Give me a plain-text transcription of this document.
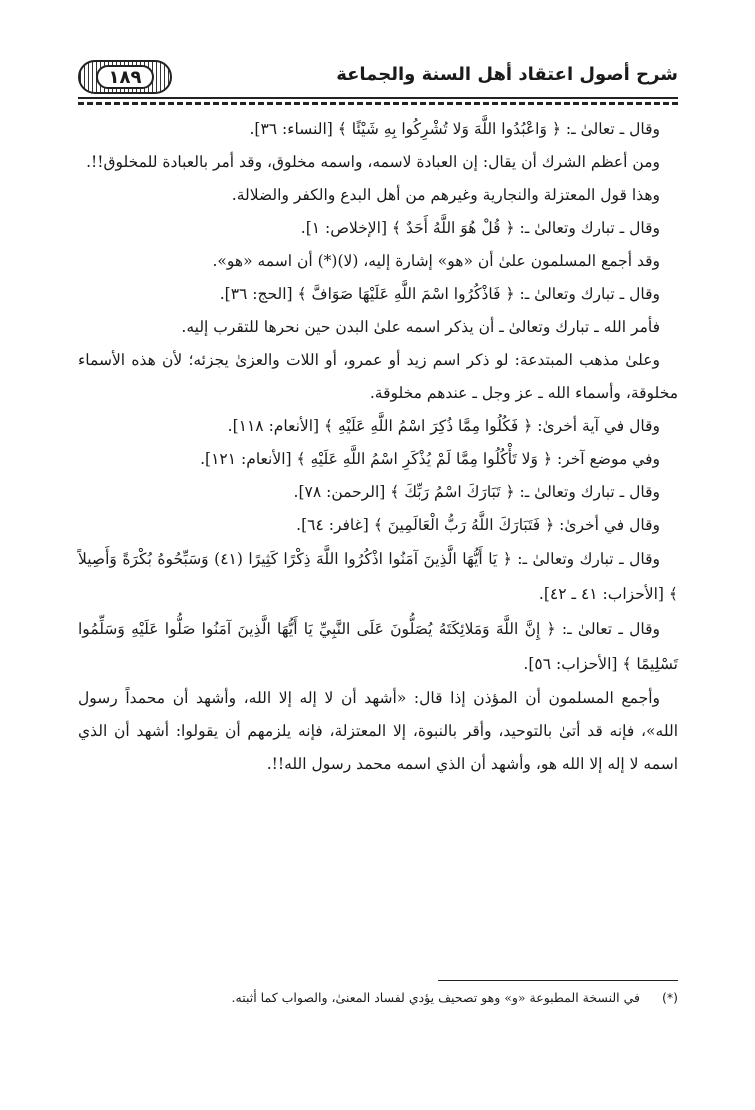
١٨٩	شرح أصول اعتقاد أهل السنة والجماعة

وقال ـ تعالىٰ ـ: ﴿ وَاعْبُدُوا اللَّهَ وَلا تُشْرِكُوا بِهِ شَيْئًا ﴾ [النساء: ٣٦].

ومن أعظم الشرك أن يقال: إن العبادة لاسمه، واسمه مخلوق، وقد أمر بالعبادة للمخلوق!!.

وهذا قول المعتزلة والنجارية وغيرهم من أهل البدع والكفر والضلالة.

وقال ـ تبارك وتعالىٰ ـ: ﴿ قُلْ هُوَ اللَّهُ أَحَدٌ ﴾ [الإخلاص: ١].

وقد أجمع المسلمون علىٰ أن «هو» إشارة إليه، (لا)(*) أن اسمه «هو».

وقال ـ تبارك وتعالىٰ ـ: ﴿ فَاذْكُرُوا اسْمَ اللَّهِ عَلَيْهَا صَوَافَّ ﴾ [الحج: ٣٦].

فأمر الله ـ تبارك وتعالىٰ ـ أن يذكر اسمه علىٰ البدن حين نحرها للتقرب إليه.

وعلىٰ مذهب المبتدعة: لو ذكر اسم زيد أو عمرو، أو اللات والعزىٰ يجزئه؛ لأن هذه الأسماء مخلوقة، وأسماء الله ـ عز وجل ـ عندهم مخلوقة.

وقال في آية أخرىٰ: ﴿ فَكُلُوا مِمَّا ذُكِرَ اسْمُ اللَّهِ عَلَيْهِ ﴾ [الأنعام: ١١٨].

وفي موضع آخر: ﴿ وَلا تَأْكُلُوا مِمَّا لَمْ يُذْكَرِ اسْمُ اللَّهِ عَلَيْهِ ﴾ [الأنعام: ١٢١].

وقال ـ تبارك وتعالىٰ ـ: ﴿ تَبَارَكَ اسْمُ رَبِّكَ ﴾ [الرحمن: ٧٨].

وقال في أخرىٰ: ﴿ فَتَبَارَكَ اللَّهُ رَبُّ الْعَالَمِينَ ﴾ [غافر: ٦٤].

وقال ـ تبارك وتعالىٰ ـ: ﴿ يَا أَيُّهَا الَّذِينَ آمَنُوا اذْكُرُوا اللَّهَ ذِكْرًا كَثِيرًا (٤١) وَسَبِّحُوهُ بُكْرَةً وَأَصِيلاً ﴾ [الأحزاب: ٤١ ـ ٤٢].

وقال ـ تعالىٰ ـ: ﴿ إِنَّ اللَّهَ وَمَلائِكَتَهُ يُصَلُّونَ عَلَى النَّبِيِّ يَا أَيُّهَا الَّذِينَ آمَنُوا صَلُّوا عَلَيْهِ وَسَلِّمُوا تَسْلِيمًا ﴾ [الأحزاب: ٥٦].

وأجمع المسلمون أن المؤذن إذا قال: «أشهد أن لا إله إلا الله، وأشهد أن محمداً رسول الله»، فإنه قد أتىٰ بالتوحيد، وأقر بالنبوة، إلا المعتزلة، فإنه يلزمهم أن يقولوا: أشهد أن الذي اسمه لا إله إلا الله هو، وأشهد أن الذي اسمه محمد رسول الله!!.

(*) في النسخة المطبوعة «و» وهو تصحيف يؤدي لفساد المعنىٰ، والصواب كما أثبته.
